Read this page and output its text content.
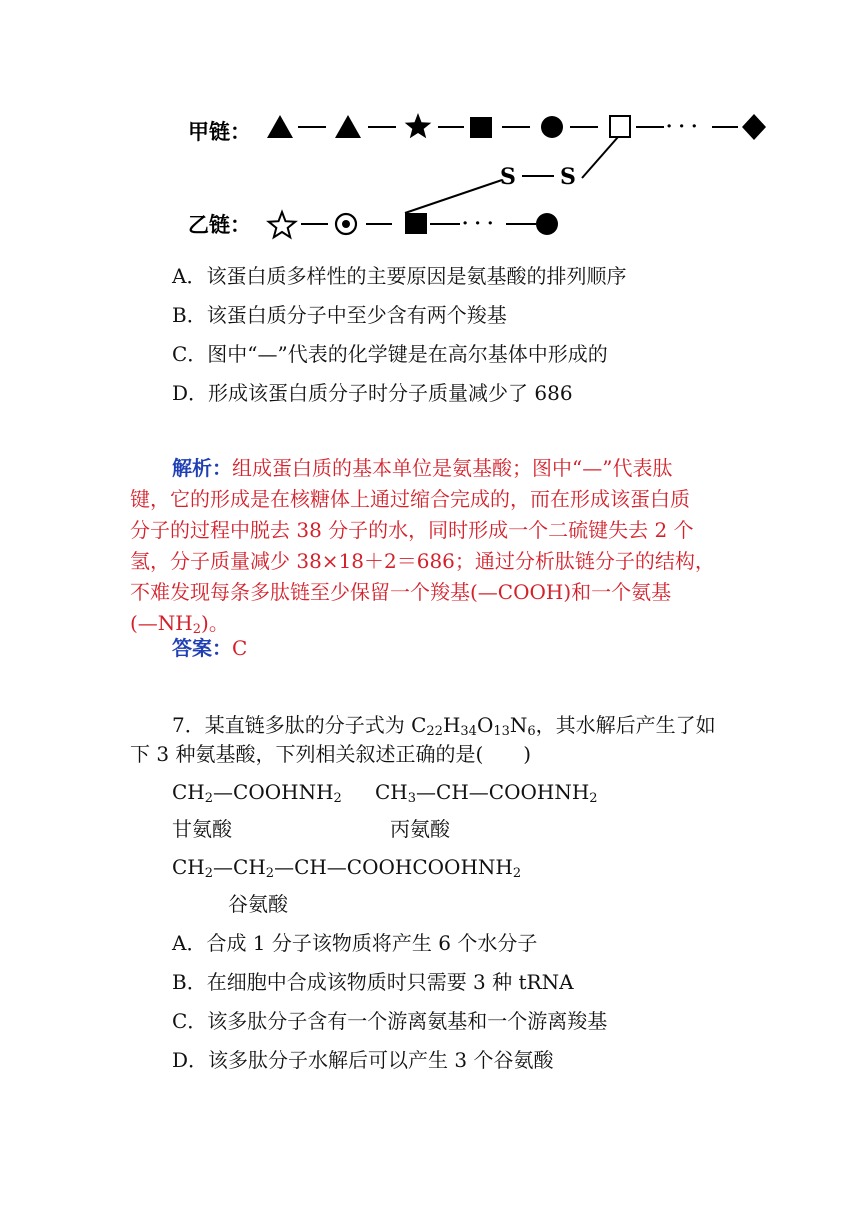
甲链：	· · ·
S S
乙链：	· · ·
A．该蛋白质多样性的主要原因是氨基酸的排列顺序
B．该蛋白质分子中至少含有两个羧基
C．图中“—”代表的化学键是在高尔基体中形成的
D．形成该蛋白质分子时分子质量减少了 686
解析：组成蛋白质的基本单位是氨基酸；图中“—”代表肽
键，它的形成是在核糖体上通过缩合完成的，而在形成该蛋白质
分子的过程中脱去 38 分子的水，同时形成一个二硫键失去 2 个
氢，分子质量减少 38×18＋2＝686；通过分析肽链分子的结构，
不难发现每条多肽链至少保留一个羧基(—COOH)和一个氨基
$(—NH_2)$。
答案：C
7．某直链多肽的分子式为 $C_{22}H_{34}O_{13}N_6$，其水解后产生了如
下 3 种氨基酸，下列相关叙述正确的是(　　)
$CH_2—COOHNH_2$ $CH_3—CH—COOHNH_2$
甘氨酸	丙氨酸
$CH_2—CH_2—CH—COOHCOOHNH_2$
谷氨酸
A．合成 1 分子该物质将产生 6 个水分子
B．在细胞中合成该物质时只需要 3 种 tRNA
C．该多肽分子含有一个游离氨基和一个游离羧基
D．该多肽分子水解后可以产生 3 个谷氨酸
